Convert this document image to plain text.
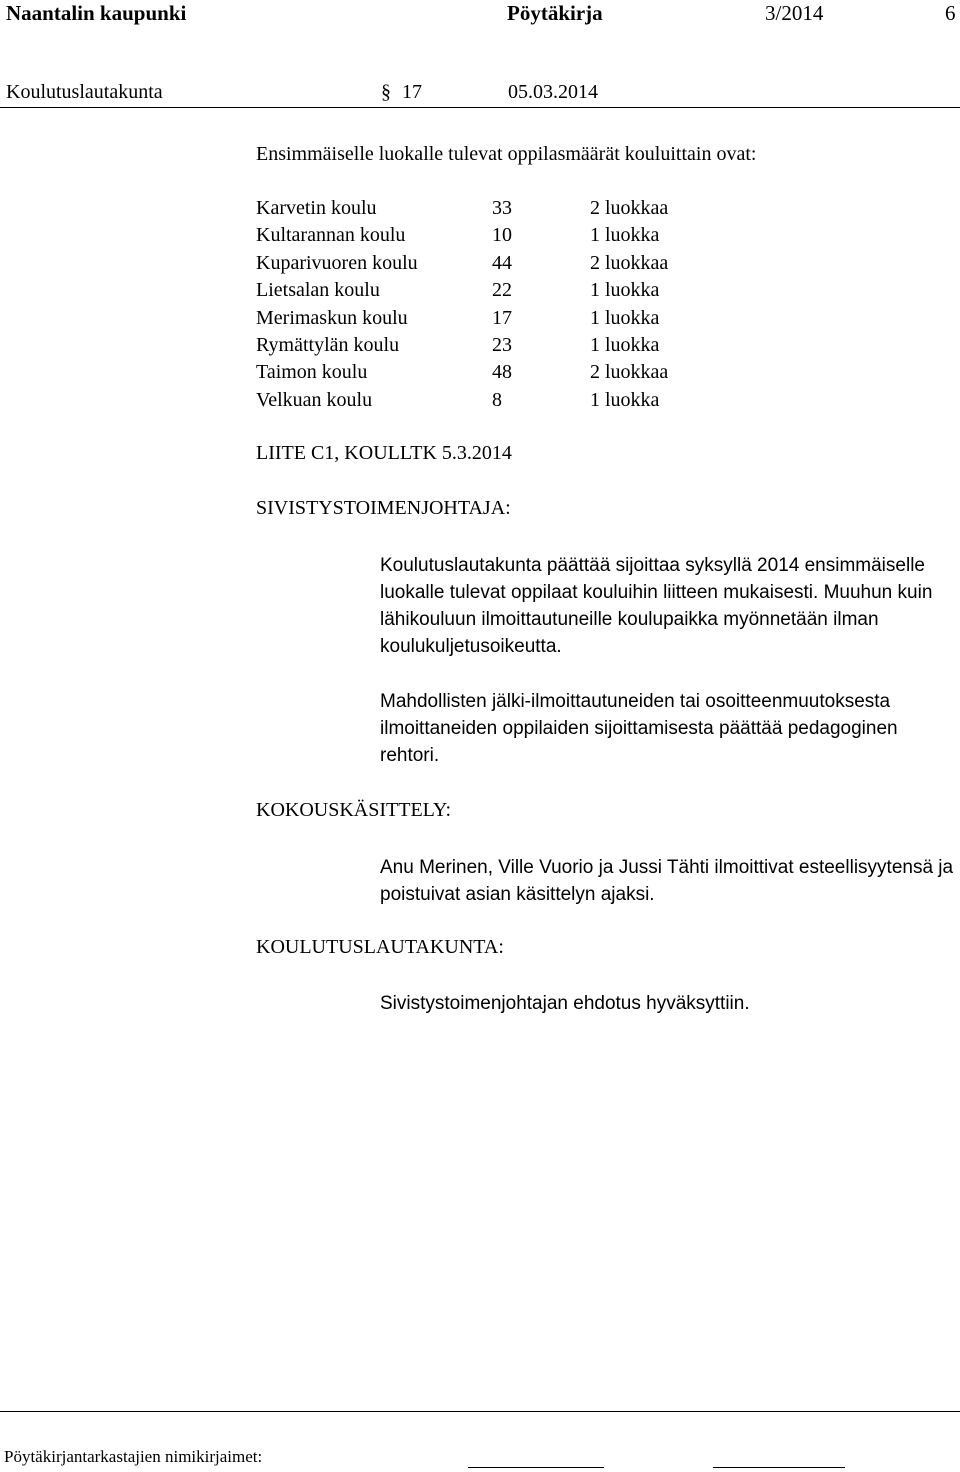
Naantalin kaupunki	Pöytäkirja	3/2014	6
Koulutuslautakunta	§ 17	05.03.2014
Ensimmäiselle luokalle tulevat oppilasmäärät kouluittain ovat:
Karvetin koulu	33	2 luokkaa
Kultarannan koulu	10	1 luokka
Kuparivuoren koulu	44	2 luokkaa
Lietsalan koulu	22	1 luokka
Merimaskun koulu	17	1 luokka
Rymättylän koulu	23	1 luokka
Taimon koulu	48	2 luokkaa
Velkuan koulu	8	1 luokka
LIITE C1, KOULLTK 5.3.2014
SIVISTYSTOIMENJOHTAJA:
Koulutuslautakunta päättää sijoittaa syksyllä 2014 ensimmäiselle luokalle tulevat oppilaat kouluihin liitteen mukaisesti. Muuhun kuin lähikouluun ilmoittautuneille koulupaikka myönnetään ilman koulukuljetusoikeutta.
Mahdollisten jälki-ilmoittautuneiden tai osoitteenmuutoksesta ilmoittaneiden oppilaiden sijoittamisesta päättää pedagoginen rehtori.
KOKOUSKÄSITTELY:
Anu Merinen, Ville Vuorio ja Jussi Tähti ilmoittivat esteellisyytensä ja poistuivat asian käsittelyn ajaksi.
KOULUTUSLAUTAKUNTA:
Sivistystoimenjohtajan ehdotus hyväksyttiin.
Pöytäkirjantarkastajien nimikirjaimet:
